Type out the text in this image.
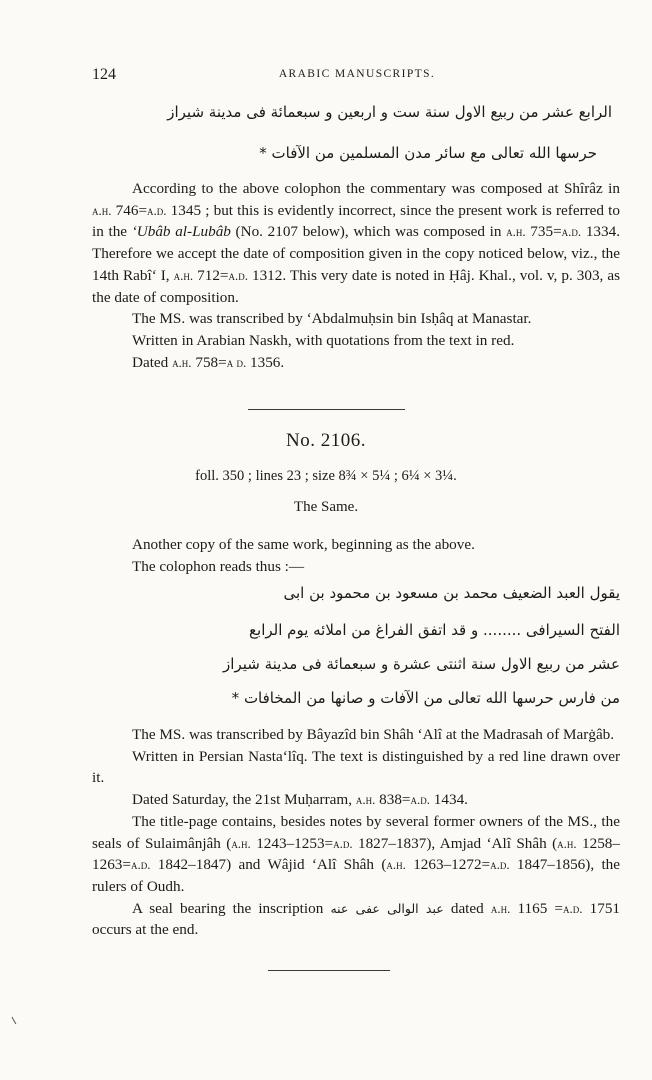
124	ARABIC MANUSCRIPTS.
الرابع عشر من ربیع الاول سنة ست و اربعین و سبعمائة فی مدینة شیراز
حرسها الله تعالی مع سائر مدن المسلمین من الآفات *

According to the above colophon the commentary was composed at Shîrâz in a.h. 746=a.d. 1345 ; but this is evidently incorrect, since the present work is referred to in the ‘Ubâb al-Lubâb (No. 2107 below), which was composed in a.h. 735=a.d. 1334. Therefore we accept the date of composition given in the copy noticed below, viz., the 14th Rabî‘ I, a.h. 712=a.d. 1312. This very date is noted in Ḥâj. Khal., vol. v, p. 303, as the date of composition.

The MS. was transcribed by ‘Abdalmuḥsin bin Isḥâq at Manastar.

Written in Arabian Naskh, with quotations from the text in red.

Dated a.h. 758=a d. 1356.

No. 2106.
foll. 350 ; lines 23 ; size 8¾ × 5¼ ; 6¼ × 3¼.
The Same.

Another copy of the same work, beginning as the above.

The colophon reads thus :—

یقول العبد الضعیف محمد بن مسعود بن محمود بن ابی
الفتح السیرافی ........ و قد اتفق الفراغ من املائه یوم الرابع
عشر من ربیع الاول سنة اثنتی عشرة و سبعمائة فی مدینة شیراز
من فارس حرسها الله تعالی من الآفات و صانها من المخافات *

The MS. was transcribed by Bâyazîd bin Shâh ‘Alî at the Madrasah of Marġâb.

Written in Persian Nasta‘lîq. The text is distinguished by a red line drawn over it.

Dated Saturday, the 21st Muḥarram, a.h. 838=a.d. 1434.

The title-page contains, besides notes by several former owners of the MS., the seals of Sulaimânjâh (a.h. 1243–1253=a.d. 1827–1837), Amjad ‘Alî Shâh (a.h. 1258–1263=a.d. 1842–1847) and Wâjid ‘Alî Shâh (a.h. 1263–1272=a.d. 1847–1856), the rulers of Oudh.

A seal bearing the inscription عبد الوالی عفی عنه dated a.h. 1165 =a.d. 1751 occurs at the end.
